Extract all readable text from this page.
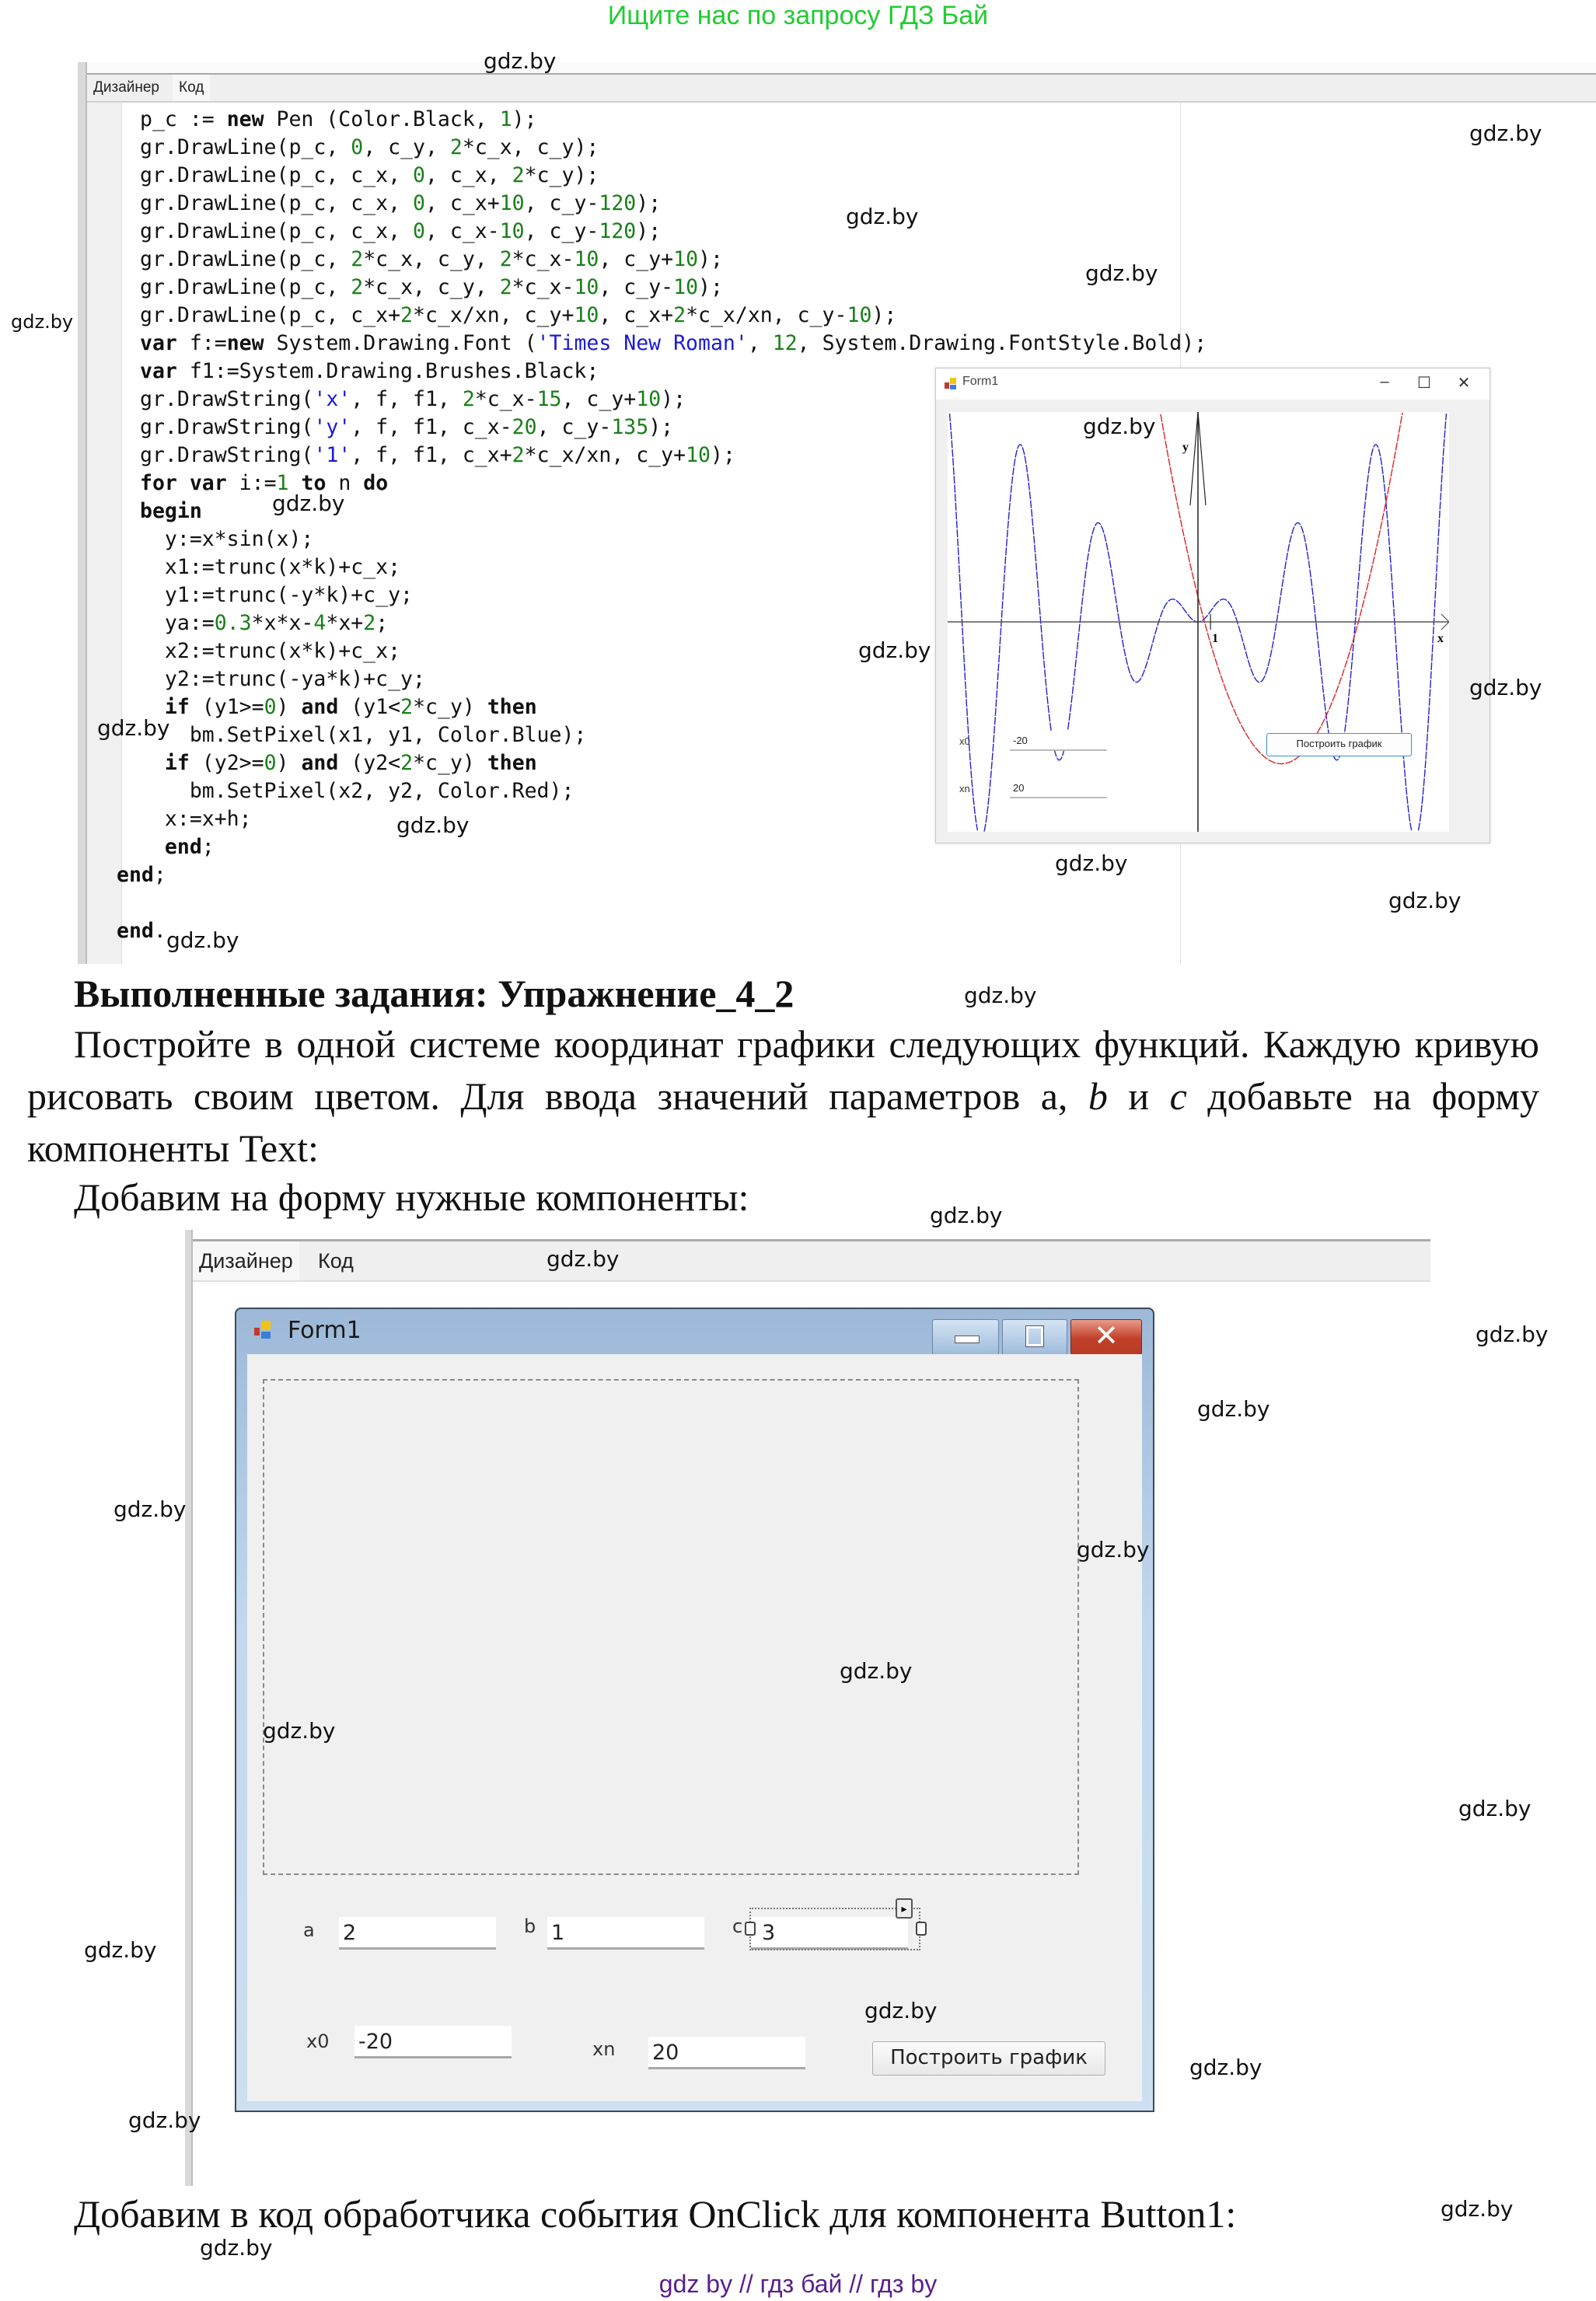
Ищите нас по запросу ГДЗ Бай
Дизайнер	Код
p_c := new Pen (Color.Black, 1);
gr.DrawLine(p_c, 0, c_y, 2*c_x, c_y);
gr.DrawLine(p_c, c_x, 0, c_x, 2*c_y);
gr.DrawLine(p_c, c_x, 0, c_x+10, c_y-120);
gr.DrawLine(p_c, c_x, 0, c_x-10, c_y-120);
gr.DrawLine(p_c, 2*c_x, c_y, 2*c_x-10, c_y+10);
gr.DrawLine(p_c, 2*c_x, c_y, 2*c_x-10, c_y-10);
gr.DrawLine(p_c, c_x+2*c_x/xn, c_y+10, c_x+2*c_x/xn, c_y-10);
var f:=new System.Drawing.Font ('Times New Roman', 12, System.Drawing.FontStyle.Bold);
var f1:=System.Drawing.Brushes.Black;
gr.DrawString('x', f, f1, 2*c_x-15, c_y+10);
gr.DrawString('y', f, f1, c_x-20, c_y-135);
gr.DrawString('1', f, f1, c_x+2*c_x/xn, c_y+10);
for var i:=1 to n do
begin
y:=x*sin(x);
x1:=trunc(x*k)+c_x;
y1:=trunc(-y*k)+c_y;
ya:=0.3*x*x-4*x+2;
x2:=trunc(x*k)+c_x;
y2:=trunc(-ya*k)+c_y;
if (y1>=0) and (y1<2*c_y) then
bm.SetPixel(x1, y1, Color.Blue);
if (y2>=0) and (y2<2*c_y) then
bm.SetPixel(x2, y2, Color.Red);
x:=x+h;
end;
end;
end.
Form1	–	☐	✕
x
y
1
x0	-20
xn	20
Построить график
Выполненные задания: Упражнение_4_2
Постройте в одной системе координат графики следующих функций. Каждую кривую рисовать своим цветом. Для ввода значений параметров a, b и c добавьте на форму компоненты Text:
Добавим на форму нужные компоненты:
Дизайнер Код
Form1	✕
a 2	b 1	c 3
▸
x0 -20	xn 20	Построить график
Добавим в код обработчика события OnClick для компонента Button1:
gdz.by
gdz.by
gdz.by
gdz.by
gdz.by
gdz.by
gdz.by
gdz.by
gdz.by
gdz.by
gdz.by
gdz.by
gdz.by
gdz.by
gdz.by
gdz.by
gdz.by
gdz.by
gdz.by
gdz.by
gdz.by
gdz.by
gdz.by
gdz.by
gdz.by
gdz.by
gdz.by
gdz.by
gdz.by
gdz.by
gdz by // гдз бай // гдз by
